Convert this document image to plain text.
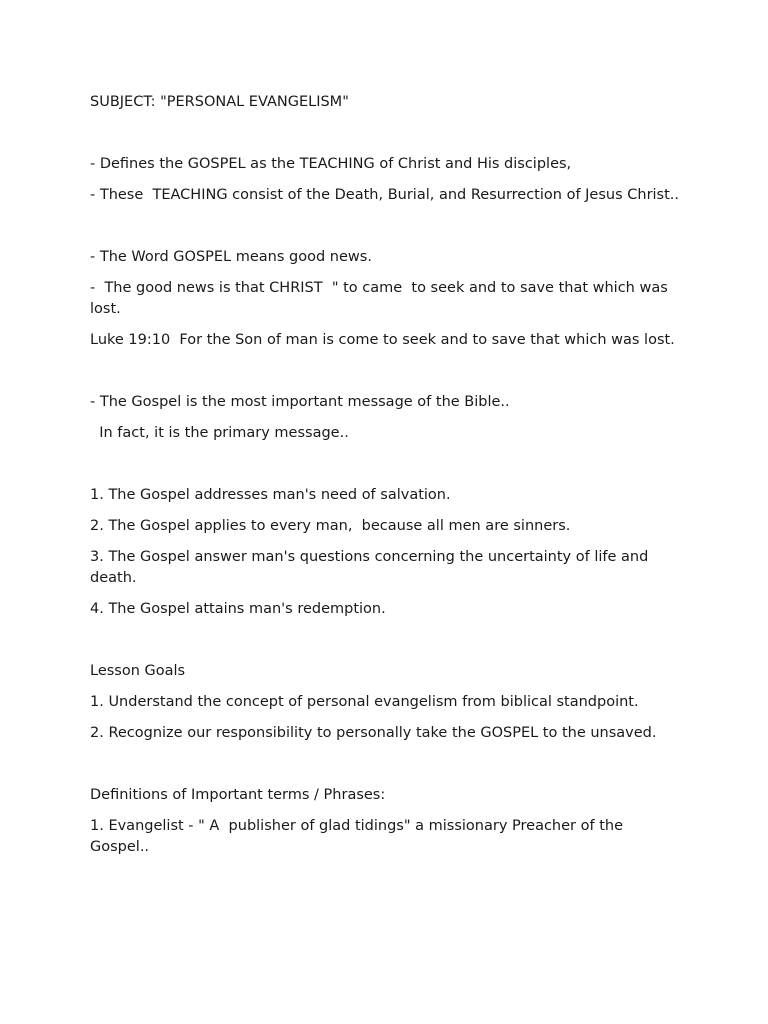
SUBJECT: "PERSONAL EVANGELISM"

- Defines the GOSPEL as the TEACHING of Christ and His disciples,

- These  TEACHING consist of the Death, Burial, and Resurrection of Jesus Christ..

- The Word GOSPEL means good news.

-  The good news is that CHRIST  " to came  to seek and to save that which was lost.

Luke 19:10  For the Son of man is come to seek and to save that which was lost.

- The Gospel is the most important message of the Bible..

In fact, it is the primary message..

1. The Gospel addresses man's need of salvation.

2. The Gospel applies to every man,  because all men are sinners.

3. The Gospel answer man's questions concerning the uncertainty of life and death.

4. The Gospel attains man's redemption.

Lesson Goals

1. Understand the concept of personal evangelism from biblical standpoint.

2. Recognize our responsibility to personally take the GOSPEL to the unsaved.

Definitions of Important terms / Phrases:

1. Evangelist - " A  publisher of glad tidings" a missionary Preacher of the Gospel..
